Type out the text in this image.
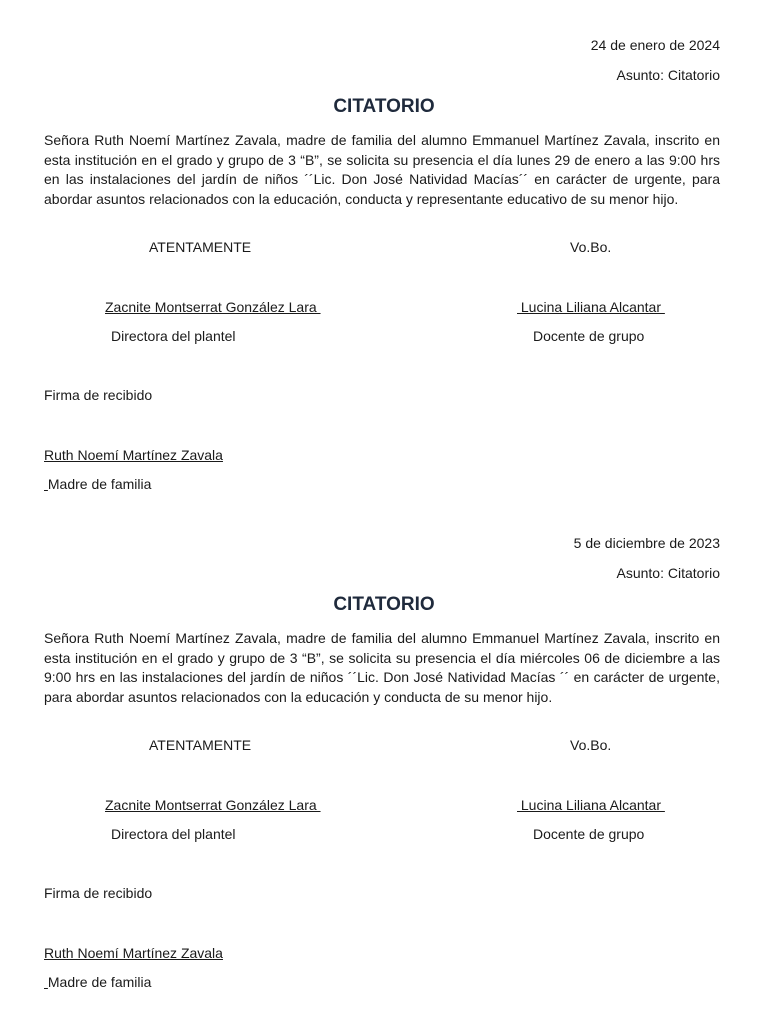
24 de enero de 2024
Asunto: Citatorio
CITATORIO

Señora Ruth Noemí Martínez Zavala, madre de familia del alumno Emmanuel Martínez Zavala, inscrito en esta institución en el grado y grupo de 3 “B”, se solicita su presencia el día lunes 29 de enero a las 9:00 hrs en las instalaciones del jardín de niños ´´Lic. Don José Natividad Macías´´ en carácter de urgente, para abordar asuntos relacionados con la educación, conducta y representante educativo de su menor hijo.

ATENTAMENTE	Vo.Bo.
Zacnite Montserrat González Lara	Lucina Liliana Alcantar
Directora del plantel	Docente de grupo
Firma de recibido
Ruth Noemí Martínez Zavala
Madre de familia
5 de diciembre de 2023
Asunto: Citatorio
CITATORIO

Señora Ruth Noemí Martínez Zavala, madre de familia del alumno Emmanuel Martínez Zavala, inscrito en esta institución en el grado y grupo de 3 “B”, se solicita su presencia el día miércoles 06 de diciembre a las 9:00 hrs en las instalaciones del jardín de niños ´´Lic. Don José Natividad Macías ´´ en carácter de urgente, para abordar asuntos relacionados con la educación y conducta de su menor hijo.

ATENTAMENTE	Vo.Bo.
Zacnite Montserrat González Lara	Lucina Liliana Alcantar
Directora del plantel	Docente de grupo
Firma de recibido
Ruth Noemí Martínez Zavala
Madre de familia
